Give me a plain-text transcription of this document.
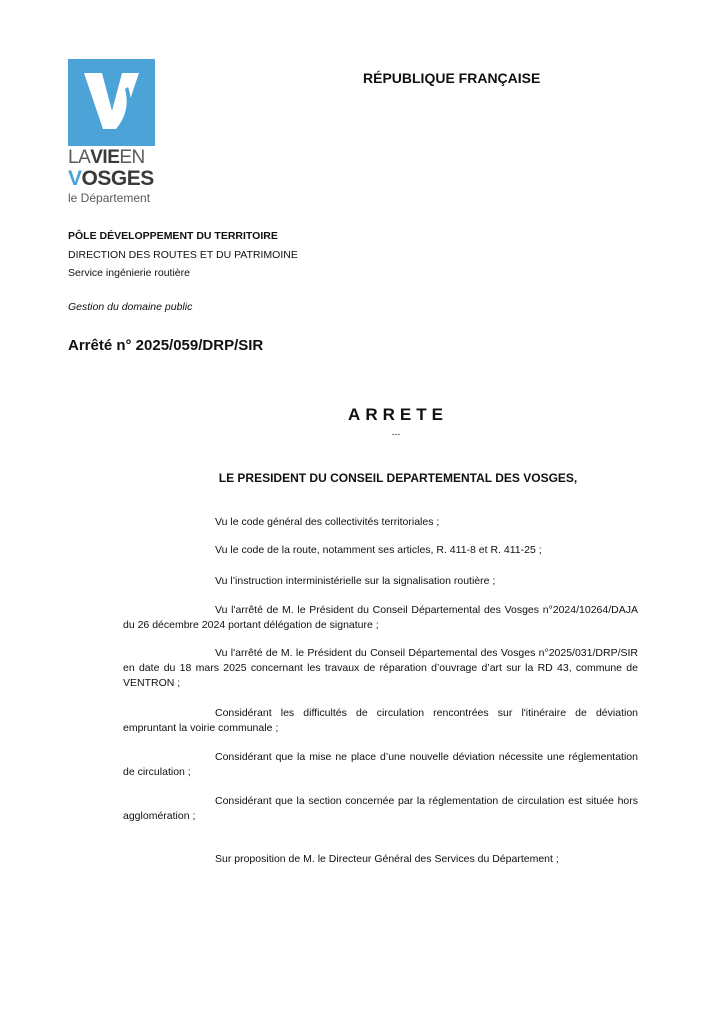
LAVIEEN
VOSGES
le Département
RÉPUBLIQUE FRANÇAISE
PÔLE DÉVELOPPEMENT DU TERRITOIRE
DIRECTION DES ROUTES ET DU PATRIMOINE
Service ingénierie routière
Gestion du domaine public
Arrêté n° 2025/059/DRP/SIR
ARRETE
---
LE PRESIDENT DU CONSEIL DEPARTEMENTAL DES VOSGES,
Vu le code général des collectivités territoriales ;
Vu le code de la route, notamment ses articles, R. 411-8 et R. 411-25 ;
Vu l’instruction interministérielle sur la signalisation routière ;
Vu l'arrêté de M. le Président du Conseil Départemental des Vosges n°2024/10264/DAJA du 26 décembre 2024 portant délégation de signature ;
Vu l'arrêté de M. le Président du Conseil Départemental des Vosges n°2025/031/DRP/SIR en date du 18 mars 2025 concernant les travaux de réparation d’ouvrage d’art sur la RD 43, commune de VENTRON ;
Considérant les difficultés de circulation rencontrées sur l'itinéraire de déviation empruntant la voirie communale ;
Considérant que la mise ne place d’une nouvelle déviation nécessite une réglementation de circulation ;
Considérant que la section concernée par la réglementation de circulation est située hors agglomération ;
Sur proposition de M. le Directeur Général des Services du Département ;
